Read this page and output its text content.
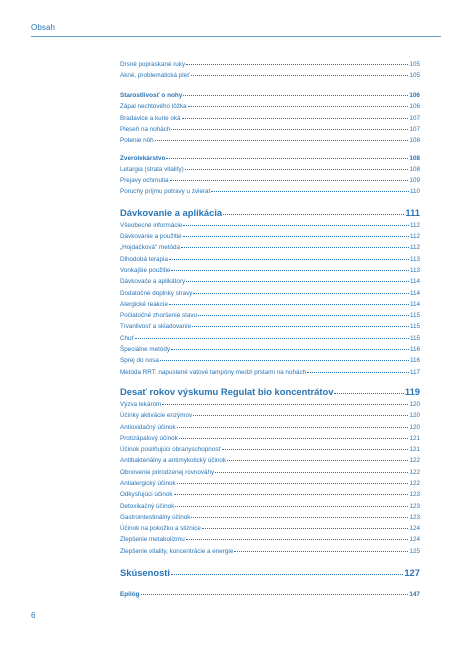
Obsah
Drsné popraskané ruky	105
Akné, problematická pleť	105
Starostlivosť o nohy	106
Zápal nechtového lôžka	106
Bradavice a kurie oká	107
Pleseň na nohách	107
Potenie nôh	108
Zverolekárstvo	108
Letargia (strata vitality)	108
Prejavy ochrnutia	109
Poruchy príjmu potravy u zvierat	110
Dávkovanie a aplikácia	111
Všeobecné informácie	112
Dávkovanie a použitie	112
„Hojdačková" metóda	112
Dlhodobá terapia	113
Vonkajšie použitie	113
Dávkovače a aplikátory	114
Dodatočné doplnky stravy	114
Alergické reakcie	114
Počiatočné zhoršenie stavu	115
Trvanlivosť a skladovanie	115
Chuť	115
Špeciálne metódy	116
Sprej do nosa	116
Metóda RRT: napustené vatové tampóny medzi prstami na nohách	117
Desať rokov výskumu Regulat bio koncentrátov	119
Výzva lekárom	120
Účinky aktivácie enzýmov	120
Antioxidačný účinok	120
Protizápalový účinok	121
Účinok posilňujúci obranyschopnosť	121
Antibakteriálny a antimykotický účinok	122
Obnovenie prirodzenej rovnováhy	122
Antialergický účinok	122
Odkysľujúci účinok	123
Detoxikačný účinok	123
Gastrointestinálny účinok	123
Účinok na pokožku a sliznice	124
Zlepšenie metabolizmu	124
Zlepšenie vitality, koncentrácie a energie	125
Skúsenosti	127
Epilóg	147
6
